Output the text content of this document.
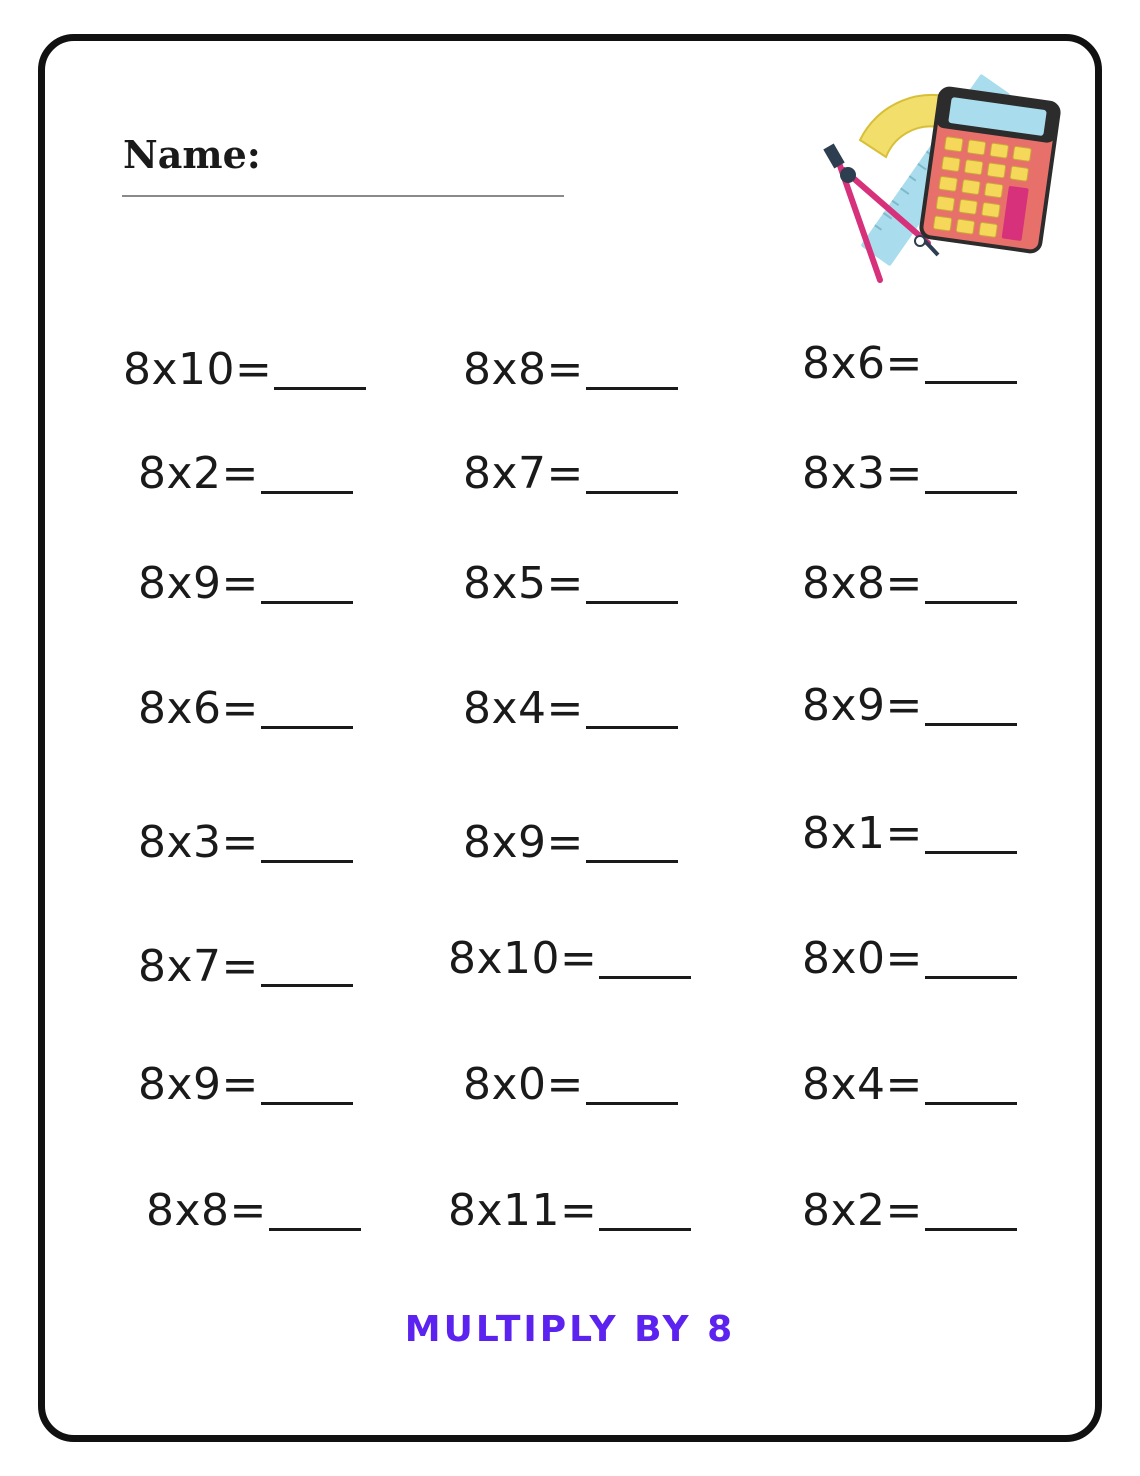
Name:
8x10=	8x8=	8x6=
8x2=	8x7=	8x3=
8x9=	8x5=	8x8=
8x6=	8x4=	8x9=
8x3=	8x9=	8x1=
8x7=	8x10=	8x0=
8x9=	8x0=	8x4=
8x8=	8x11=	8x2=
MULTIPLY BY 8
